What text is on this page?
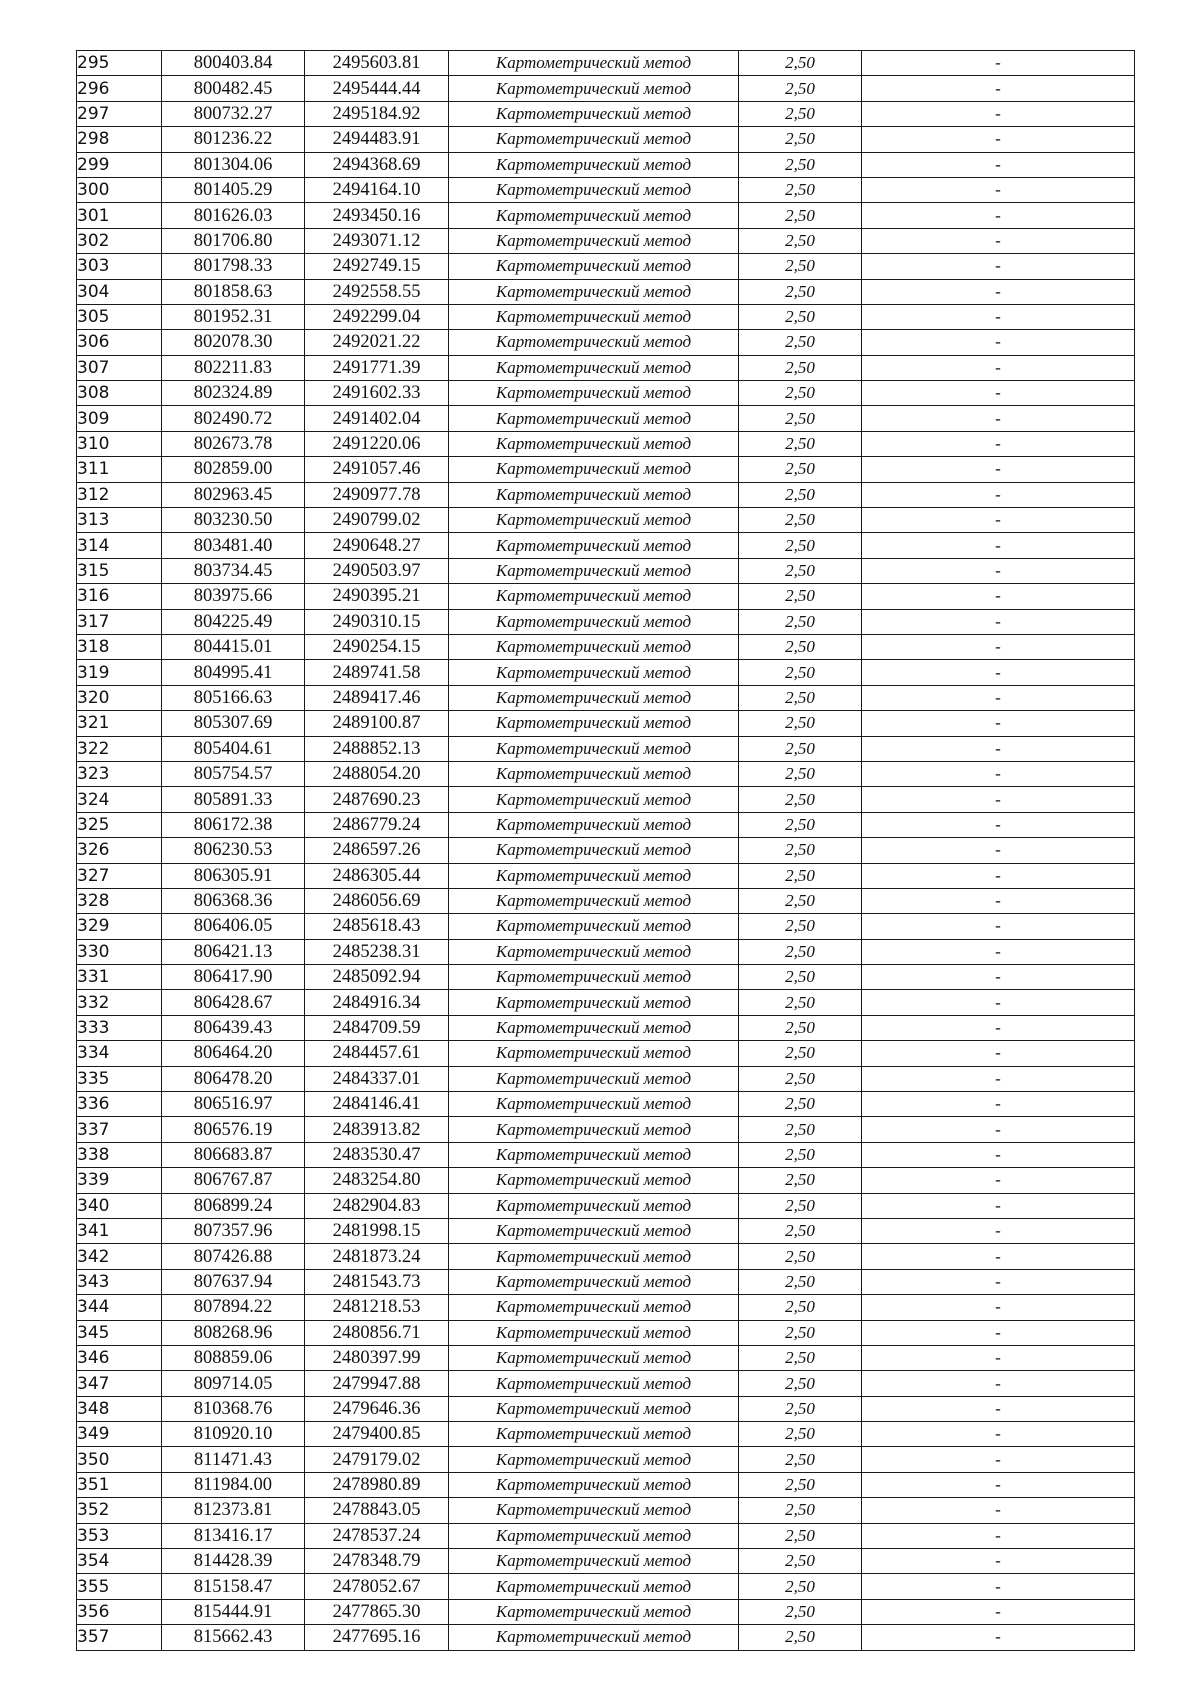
295	800403.84	2495603.81	Картометрический метод	2,50	-
296	800482.45	2495444.44	Картометрический метод	2,50	-
297	800732.27	2495184.92	Картометрический метод	2,50	-
298	801236.22	2494483.91	Картометрический метод	2,50	-
299	801304.06	2494368.69	Картометрический метод	2,50	-
300	801405.29	2494164.10	Картометрический метод	2,50	-
301	801626.03	2493450.16	Картометрический метод	2,50	-
302	801706.80	2493071.12	Картометрический метод	2,50	-
303	801798.33	2492749.15	Картометрический метод	2,50	-
304	801858.63	2492558.55	Картометрический метод	2,50	-
305	801952.31	2492299.04	Картометрический метод	2,50	-
306	802078.30	2492021.22	Картометрический метод	2,50	-
307	802211.83	2491771.39	Картометрический метод	2,50	-
308	802324.89	2491602.33	Картометрический метод	2,50	-
309	802490.72	2491402.04	Картометрический метод	2,50	-
310	802673.78	2491220.06	Картометрический метод	2,50	-
311	802859.00	2491057.46	Картометрический метод	2,50	-
312	802963.45	2490977.78	Картометрический метод	2,50	-
313	803230.50	2490799.02	Картометрический метод	2,50	-
314	803481.40	2490648.27	Картометрический метод	2,50	-
315	803734.45	2490503.97	Картометрический метод	2,50	-
316	803975.66	2490395.21	Картометрический метод	2,50	-
317	804225.49	2490310.15	Картометрический метод	2,50	-
318	804415.01	2490254.15	Картометрический метод	2,50	-
319	804995.41	2489741.58	Картометрический метод	2,50	-
320	805166.63	2489417.46	Картометрический метод	2,50	-
321	805307.69	2489100.87	Картометрический метод	2,50	-
322	805404.61	2488852.13	Картометрический метод	2,50	-
323	805754.57	2488054.20	Картометрический метод	2,50	-
324	805891.33	2487690.23	Картометрический метод	2,50	-
325	806172.38	2486779.24	Картометрический метод	2,50	-
326	806230.53	2486597.26	Картометрический метод	2,50	-
327	806305.91	2486305.44	Картометрический метод	2,50	-
328	806368.36	2486056.69	Картометрический метод	2,50	-
329	806406.05	2485618.43	Картометрический метод	2,50	-
330	806421.13	2485238.31	Картометрический метод	2,50	-
331	806417.90	2485092.94	Картометрический метод	2,50	-
332	806428.67	2484916.34	Картометрический метод	2,50	-
333	806439.43	2484709.59	Картометрический метод	2,50	-
334	806464.20	2484457.61	Картометрический метод	2,50	-
335	806478.20	2484337.01	Картометрический метод	2,50	-
336	806516.97	2484146.41	Картометрический метод	2,50	-
337	806576.19	2483913.82	Картометрический метод	2,50	-
338	806683.87	2483530.47	Картометрический метод	2,50	-
339	806767.87	2483254.80	Картометрический метод	2,50	-
340	806899.24	2482904.83	Картометрический метод	2,50	-
341	807357.96	2481998.15	Картометрический метод	2,50	-
342	807426.88	2481873.24	Картометрический метод	2,50	-
343	807637.94	2481543.73	Картометрический метод	2,50	-
344	807894.22	2481218.53	Картометрический метод	2,50	-
345	808268.96	2480856.71	Картометрический метод	2,50	-
346	808859.06	2480397.99	Картометрический метод	2,50	-
347	809714.05	2479947.88	Картометрический метод	2,50	-
348	810368.76	2479646.36	Картометрический метод	2,50	-
349	810920.10	2479400.85	Картометрический метод	2,50	-
350	811471.43	2479179.02	Картометрический метод	2,50	-
351	811984.00	2478980.89	Картометрический метод	2,50	-
352	812373.81	2478843.05	Картометрический метод	2,50	-
353	813416.17	2478537.24	Картометрический метод	2,50	-
354	814428.39	2478348.79	Картометрический метод	2,50	-
355	815158.47	2478052.67	Картометрический метод	2,50	-
356	815444.91	2477865.30	Картометрический метод	2,50	-
357	815662.43	2477695.16	Картометрический метод	2,50	-
